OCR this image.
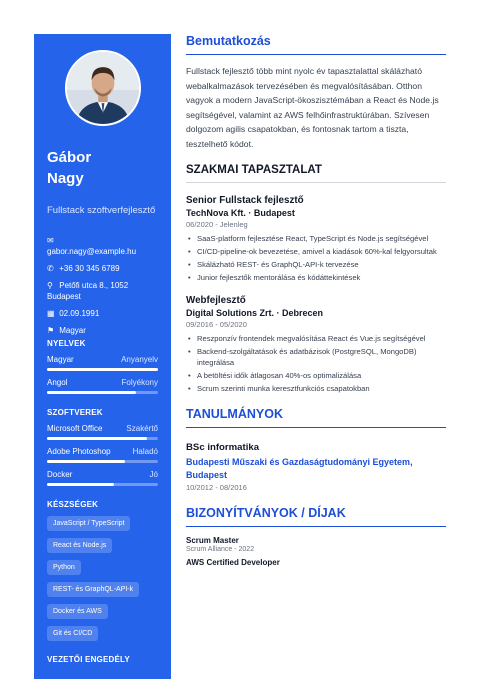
Gábor
Nagy
Fullstack szoftverfejlesztő
✉
gabor.nagy@example.hu
✆ +36 30 345 6789
⚲ Petőfi utca 8., 1052 Budapest
▦ 02.09.1991
⚑ Magyar
NYELVEK
Magyar	Anyanyelv
Angol	Folyékony
SZOFTVEREK
Microsoft Office	Szakértő
Adobe Photoshop	Haladó
Docker	Jó
KÉSZSÉGEK
JavaScript / TypeScript
React és Node.js
Python
REST- és GraphQL-API-k
Docker és AWS
Git és CI/CD
VEZETŐI ENGEDÉLY
Bemutatkozás

Fullstack fejlesztő több mint nyolc év tapasztalattal skálázható webalkalmazások tervezésében és megvalósításában. Otthon vagyok a modern JavaScript-ökoszisztémában a React és Node.js segítségével, valamint az AWS felhőinfrastruktúrában. Szívesen dolgozom agilis csapatokban, és fontosnak tartom a tiszta, tesztelhető kódot.

SZAKMAI TAPASZTALAT
Senior Fullstack fejlesztő
TechNova Kft. · Budapest
06/2020 - Jelenleg
• SaaS-platform fejlesztése React, TypeScript és Node.js segítségével
• CI/CD-pipeline-ok bevezetése, amivel a kiadások 60%-kal felgyorsultak
• Skálázható REST- és GraphQL-API-k tervezése
• Junior fejlesztők mentorálása és kódáttekintések
Webfejlesztő
Digital Solutions Zrt. · Debrecen
09/2016 - 05/2020
• Reszponzív frontendek megvalósítása React és Vue.js segítségével
• Backend-szolgáltatások és adatbázisok (PostgreSQL, MongoDB) integrálása
• A betöltési idők átlagosan 40%-os optimalizálása
• Scrum szerinti munka keresztfunkciós csapatokban
TANULMÁNYOK
BSc informatika
Budapesti Műszaki és Gazdaságtudományi Egyetem, Budapest
10/2012 - 08/2016
BIZONYÍTVÁNYOK / DÍJAK
Scrum Master
Scrum Alliance - 2022
AWS Certified Developer
